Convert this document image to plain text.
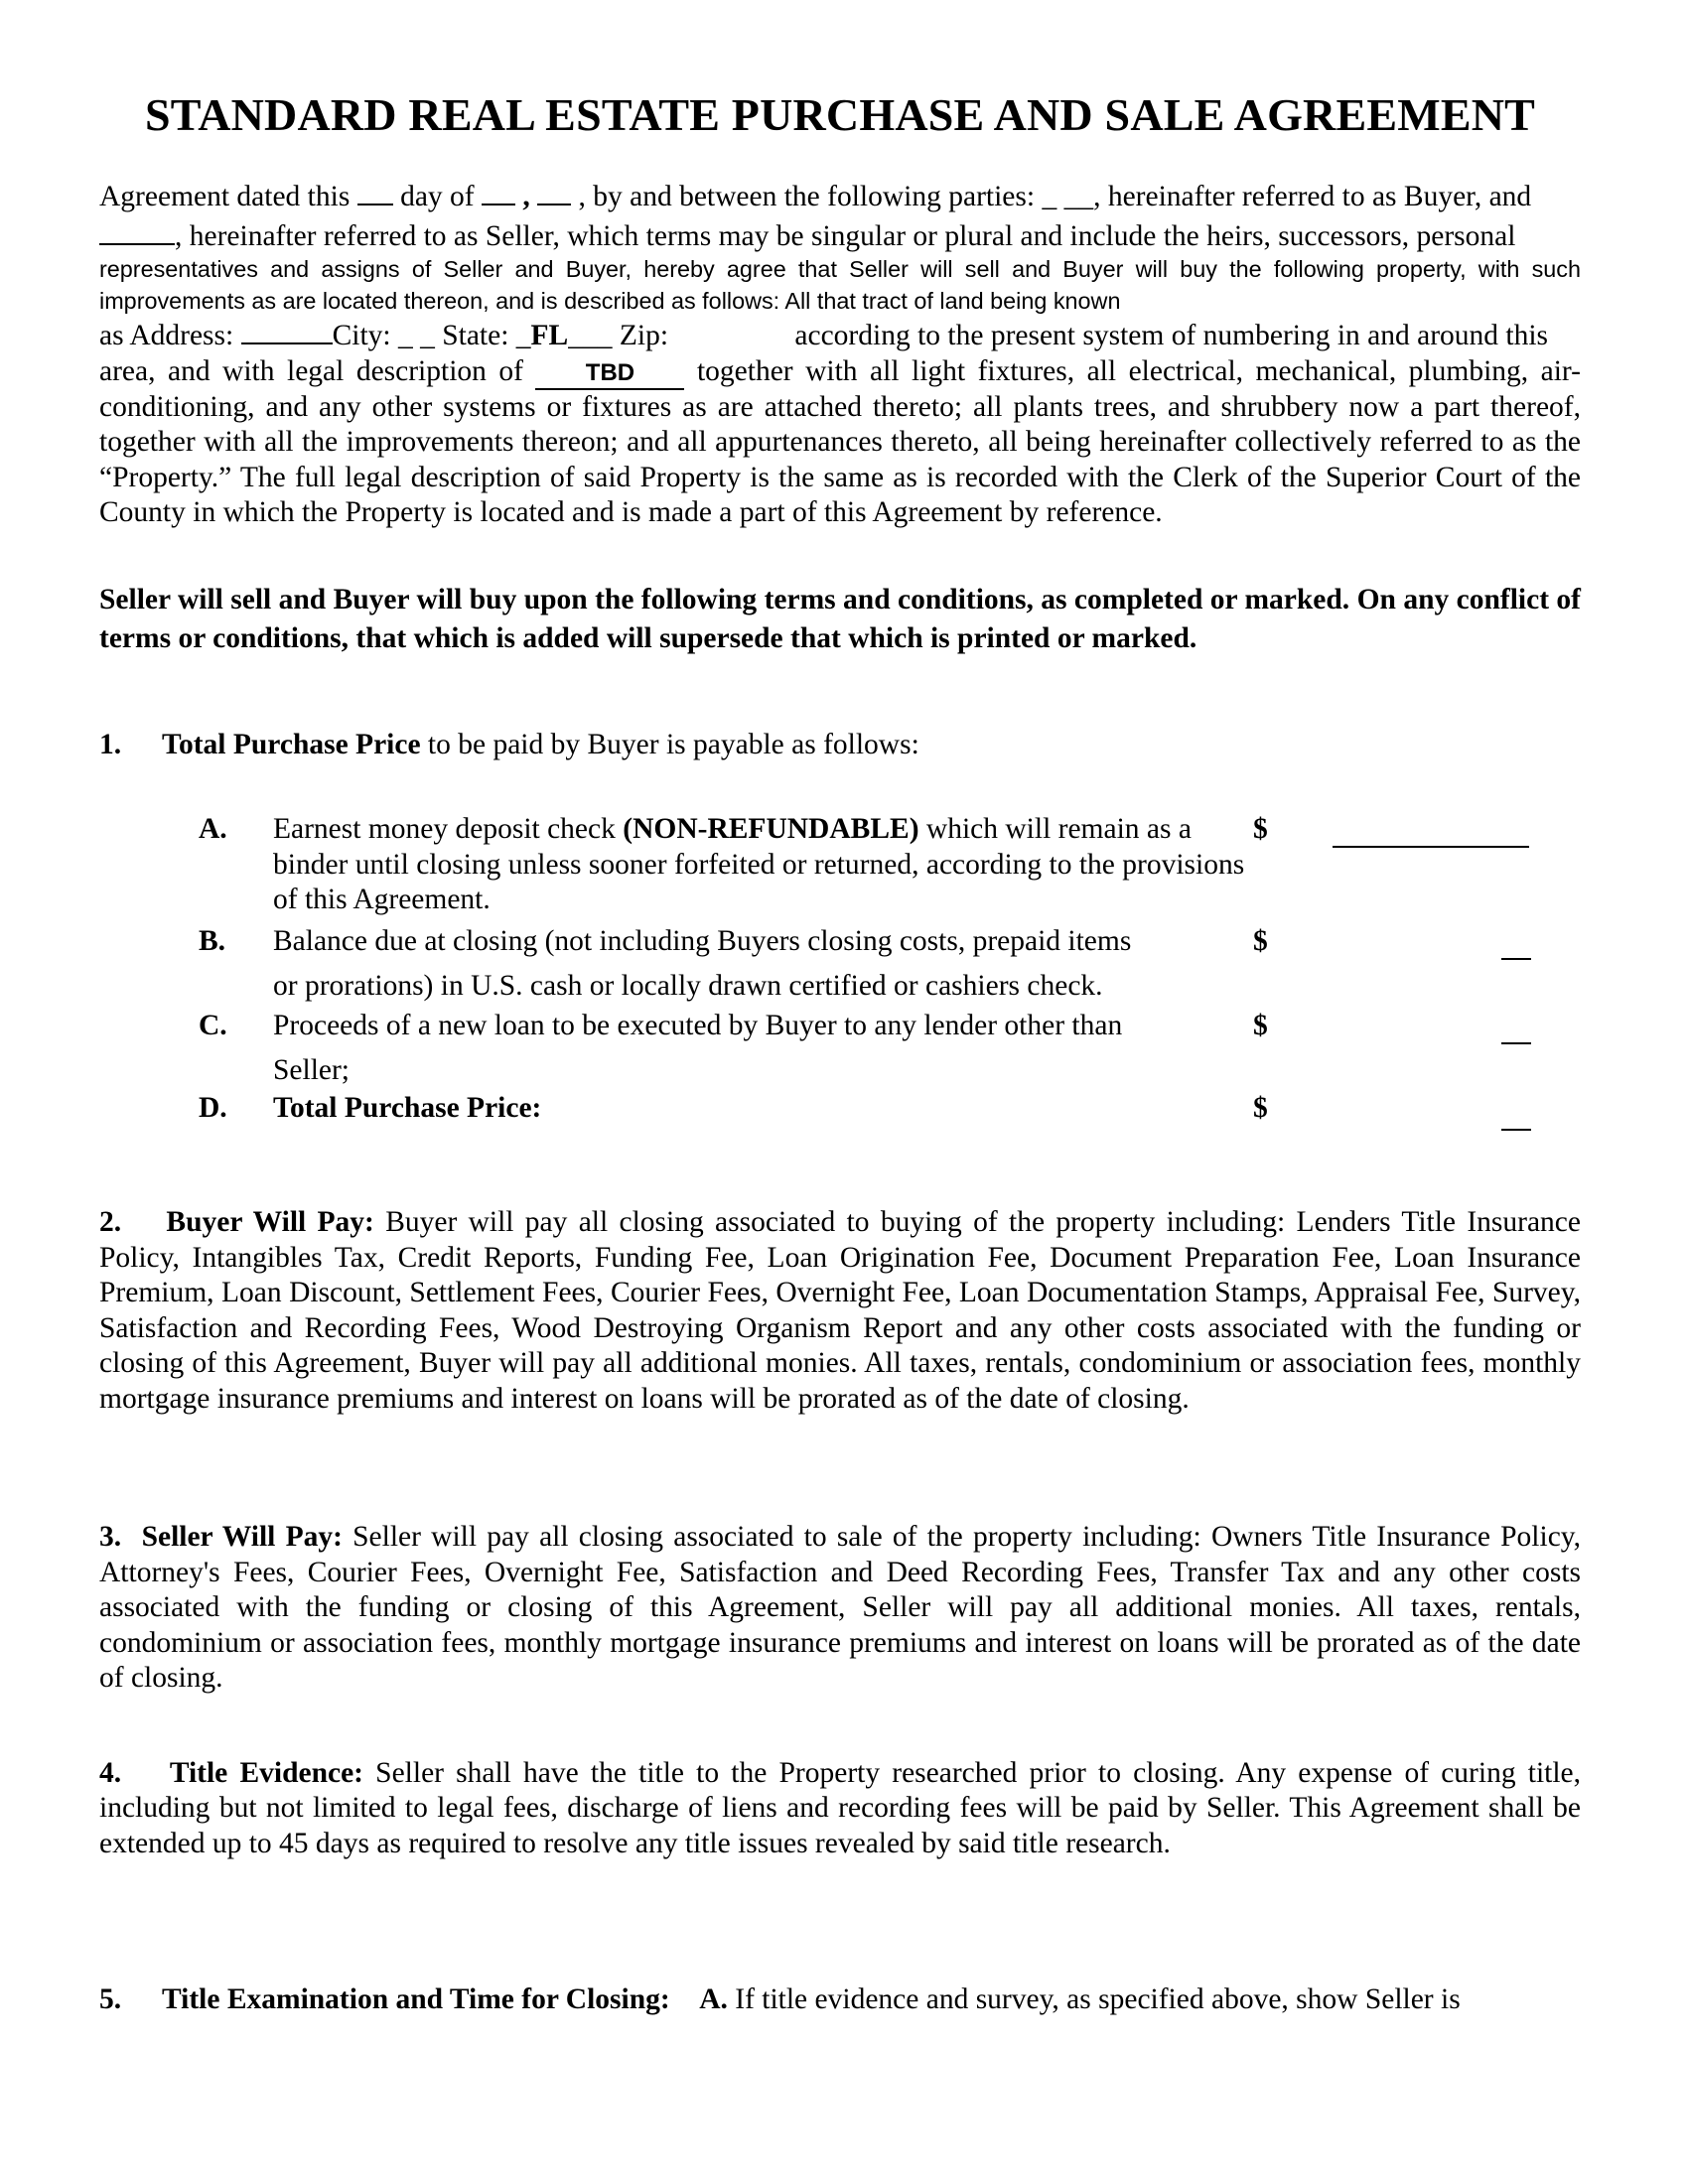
STANDARD REAL ESTATE PURCHASE AND SALE AGREEMENT

Agreement dated this  day of  ,  , by and between the following parties: _ __, hereinafter referred to as Buyer, and
, hereinafter referred to as Seller, which terms may be singular or plural and include the heirs, successors, personal

representatives and assigns of Seller and Buyer, hereby agree that Seller will sell and Buyer will buy the following property, with such improvements as are located thereon, and is described as follows: All that tract of land being known

as Address:	City: _ _ State: _FL___ Zip:	according to the present system of numbering in and around this

area, and with legal description of TBD together with all light fixtures, all electrical, mechanical, plumbing, air-conditioning, and any other systems or fixtures as are attached thereto; all plants trees, and shrubbery now a part thereof, together with all the improvements thereon; and all appurtenances thereto, all being hereinafter collectively referred to as the “Property.” The full legal description of said Property is the same as is recorded with the Clerk of the Superior Court of the County in which the Property is located and is made a part of this Agreement by reference.

Seller will sell and Buyer will buy upon the following terms and conditions, as completed or marked. On any conflict of terms or conditions, that which is added will supersede that which is printed or marked.

1. Total Purchase Price to be paid by Buyer is payable as follows:

A. Earnest money deposit check (NON-REFUNDABLE) which will remain as a binder until closing unless sooner forfeited or returned, according to the provisions of this Agreement.
$
B. Balance due at closing (not including Buyers closing costs, prepaid items
or prorations) in U.S. cash or locally drawn certified or cashiers check.
$
C. Proceeds of a new loan to be executed by Buyer to any lender other than
Seller;
$
D. Total Purchase Price:	$

2. Buyer Will Pay: Buyer will pay all closing associated to buying of the property including: Lenders Title Insurance Policy, Intangibles Tax, Credit Reports, Funding Fee, Loan Origination Fee, Document Preparation Fee, Loan Insurance Premium, Loan Discount, Settlement Fees, Courier Fees, Overnight Fee, Loan Documentation Stamps, Appraisal Fee, Survey, Satisfaction and Recording Fees, Wood Destroying Organism Report and any other costs associated with the funding or closing of this Agreement, Buyer will pay all additional monies. All taxes, rentals, condominium or association fees, monthly mortgage insurance premiums and interest on loans will be prorated as of the date of closing.

3. Seller Will Pay: Seller will pay all closing associated to sale of the property including: Owners Title Insurance Policy, Attorney's Fees, Courier Fees, Overnight Fee, Satisfaction and Deed Recording Fees, Transfer Tax and any other costs associated with the funding or closing of this Agreement, Seller will pay all additional monies. All taxes, rentals, condominium or association fees, monthly mortgage insurance premiums and interest on loans will be prorated as of the date of closing.

4. Title Evidence: Seller shall have the title to the Property researched prior to closing. Any expense of curing title, including but not limited to legal fees, discharge of liens and recording fees will be paid by Seller. This Agreement shall be extended up to 45 days as required to resolve any title issues revealed by said title research.

5. Title Examination and Time for Closing: A. If title evidence and survey, as specified above, show Seller is
